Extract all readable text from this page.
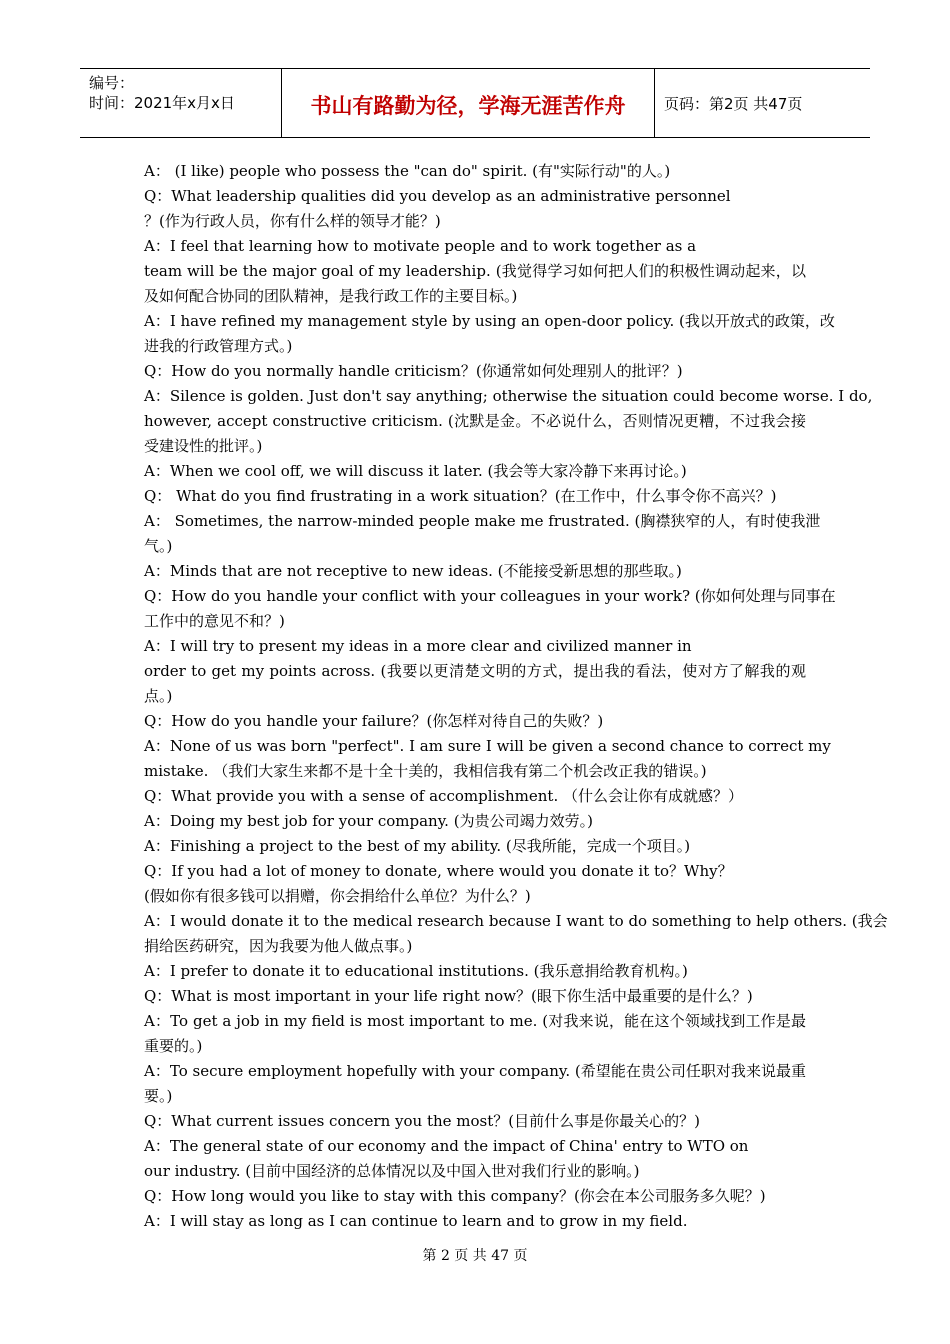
编号：
时间：2021年x月x日	书山有路勤为径，学海无涯苦作舟	页码：第2页 共47页
A： (I like) people who possess the "can do" spirit. (有"实际行动"的人。)
Q：What leadership qualities did you develop as an administrative personnel
？(作为行政人员，你有什么样的领导才能？)
A：I feel that learning how to motivate people and to work together as a
team will be the major goal of my leadership. (我觉得学习如何把人们的积极性调动起来，以
及如何配合协同的团队精神，是我行政工作的主要目标。)
A：I have refined my management style by using an open-door policy. (我以开放式的政策，改
进我的行政管理方式。)
Q：How do you normally handle criticism？(你通常如何处理别人的批评？)
A：Silence is golden. Just don't say anything; otherwise the situation could become worse. I do,
however, accept constructive criticism. (沈默是金。不必说什么，否则情况更糟，不过我会接
受建设性的批评。)
A：When we cool off, we will discuss it later. (我会等大家冷静下来再讨论。)
Q： What do you find frustrating in a work situation？(在工作中，什么事令你不高兴？)
A： Sometimes, the narrow-minded people make me frustrated. (胸襟狭窄的人，有时使我泄
气。)
A：Minds that are not receptive to new ideas. (不能接受新思想的那些取。)
Q：How do you handle your conflict with your colleagues in your work? (你如何处理与同事在
工作中的意见不和？)
A：I will try to present my ideas in a more clear and civilized manner in
order to get my points across. (我要以更清楚文明的方式，提出我的看法，使对方了解我的观
点。)
Q：How do you handle your failure？(你怎样对待自己的失败？)
A：None of us was born "perfect". I am sure I will be given a second chance to correct my
mistake. （我们大家生来都不是十全十美的，我相信我有第二个机会改正我的错误。)
Q：What provide you with a sense of accomplishment. （什么会让你有成就感？）
A：Doing my best job for your company. (为贵公司竭力效劳。)
A：Finishing a project to the best of my ability. (尽我所能，完成一个项目。)
Q：If you had a lot of money to donate, where would you donate it to？Why？
(假如你有很多钱可以捐赠，你会捐给什么单位？为什么？)
A：I would donate it to the medical research because I want to do something to help others. (我会
捐给医药研究，因为我要为他人做点事。)
A：I prefer to donate it to educational institutions. (我乐意捐给教育机构。)
Q：What is most important in your life right now？(眼下你生活中最重要的是什么？)
A：To get a job in my field is most important to me. (对我来说，能在这个领域找到工作是最
重要的。)
A：To secure employment hopefully with your company. (希望能在贵公司任职对我来说最重
要。)
Q：What current issues concern you the most？(目前什么事是你最关心的？)
A：The general state of our economy and the impact of China' entry to WTO on
our industry. (目前中国经济的总体情况以及中国入世对我们行业的影响。)
Q：How long would you like to stay with this company？(你会在本公司服务多久呢？)
A：I will stay as long as I can continue to learn and to grow in my field.
第 2 页 共 47 页
